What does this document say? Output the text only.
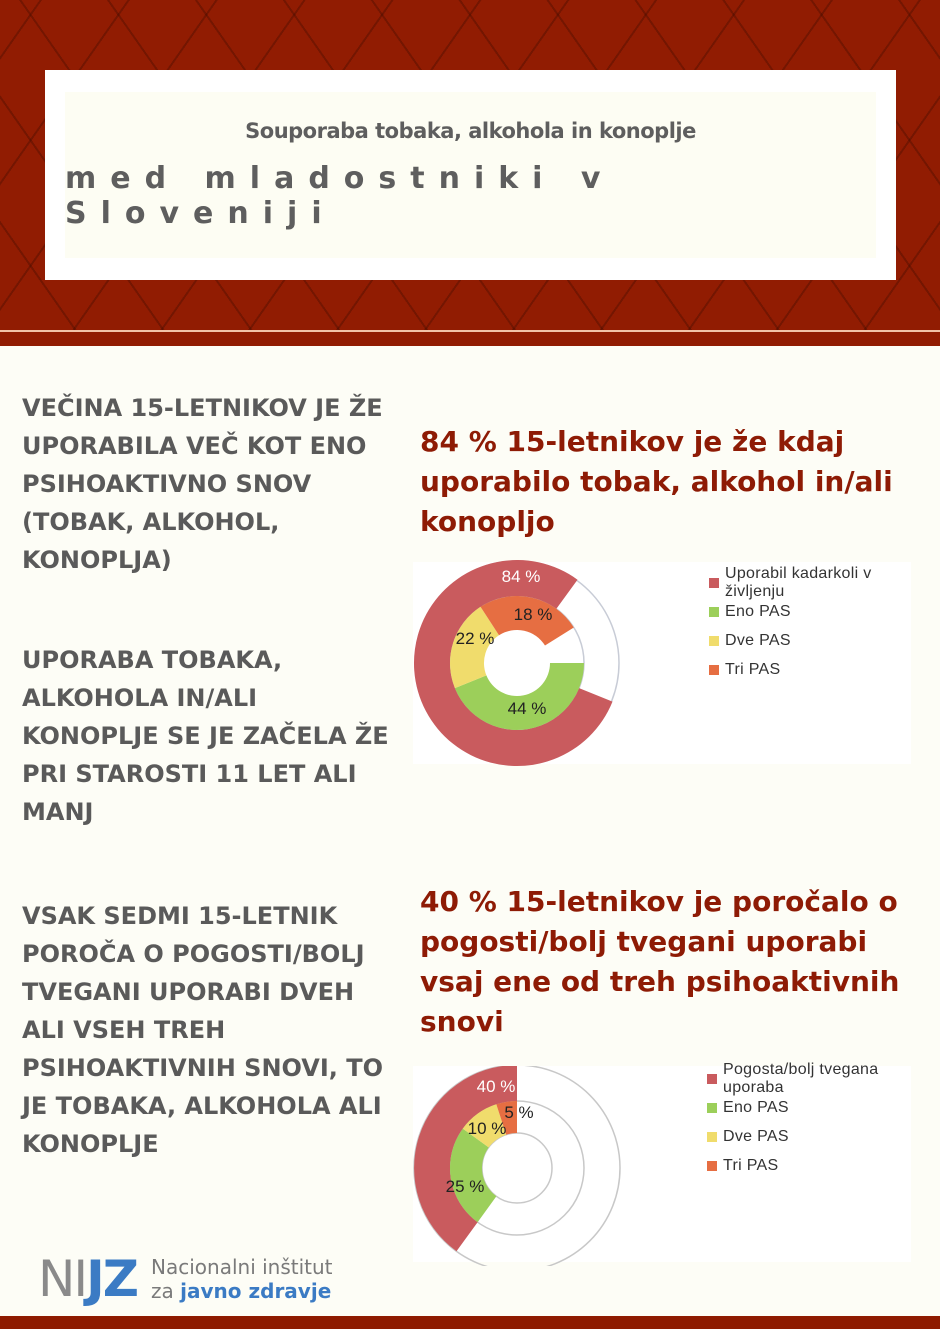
Souporaba tobaka, alkohola in konoplje
med mladostniki v Sloveniji
VEČINA 15-LETNIKOV JE ŽE UPORABILA VEČ KOT ENO PSIHOAKTIVNO SNOV (TOBAK, ALKOHOL, KONOPLJA)
UPORABA TOBAKA, ALKOHOLA IN/ALI KONOPLJE SE JE ZAČELA ŽE PRI STAROSTI 11 LET ALI MANJ
VSAK SEDMI 15-LETNIK POROČA O POGOSTI/BOLJ TVEGANI UPORABI DVEH ALI VSEH TREH PSIHOAKTIVNIH SNOVI, TO JE TOBAKA, ALKOHOLA ALI KONOPLJE
84 % 15-letnikov je že kdaj uporabilo tobak, alkohol in/ali konopljo
84 %
18 %
22 %
44 %
Uporabil kadarkoli v življenju
Eno PAS
Dve PAS
Tri PAS
40 % 15-letnikov je poročalo o pogosti/bolj tvegani uporabi vsaj ene od treh psihoaktivnih snovi
40 %
5 %
10 %
25 %
Pogosta/bolj tvegana uporaba
Eno PAS
Dve PAS
Tri PAS
N I J Z Nacionalni inštitut
za javno zdravje
